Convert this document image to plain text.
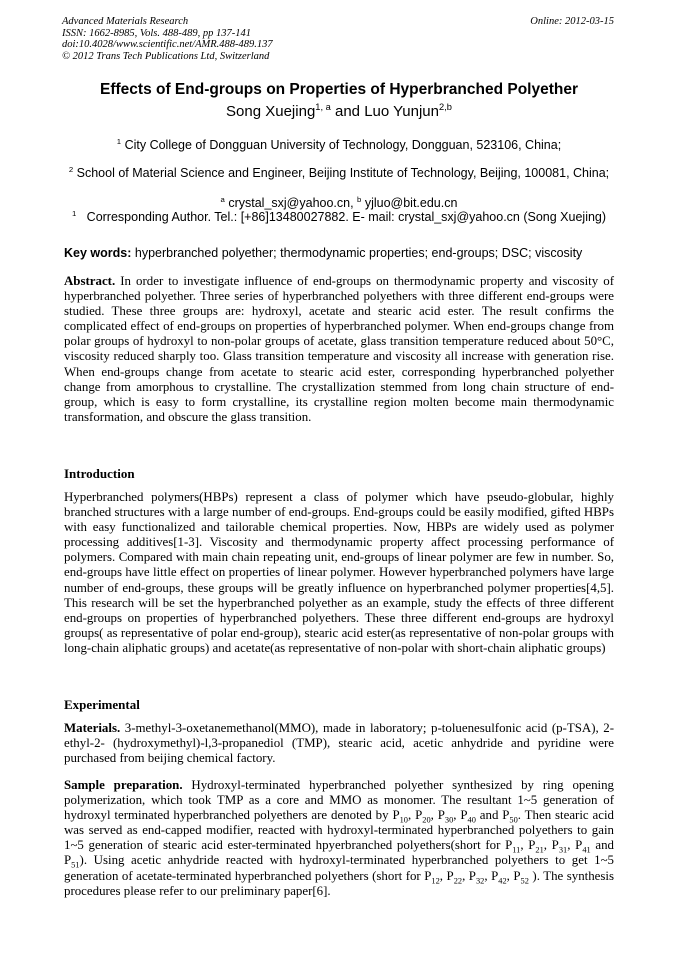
Advanced Materials Research
ISSN: 1662-8985, Vols. 488-489, pp 137-141
doi:10.4028/www.scientific.net/AMR.488-489.137
© 2012 Trans Tech Publications Ltd, Switzerland
Online: 2012-03-15
Effects of End-groups on Properties of Hyperbranched Polyether
Song Xuejing$^{1, a}$ and Luo Yunjun$^{2,b}$
$^1$ City College of Dongguan University of Technology, Dongguan, 523106, China;
$^2$ School of Material Science and Engineer, Beijing Institute of Technology, Beijing, 100081, China;
$^a$ crystal_sxj@yahoo.cn, $^b$ yjluo@bit.edu.cn
$^1$   Corresponding Author. Tel.: [+86]13480027882. E- mail: crystal_sxj@yahoo.cn (Song Xuejing)
Key words: hyperbranched polyether; thermodynamic properties; end-groups; DSC; viscosity
Abstract. In order to investigate influence of end-groups on thermodynamic property and viscosity of hyperbranched polyether. Three series of hyperbranched polyethers with three different end-groups were studied. These three groups are: hydroxyl, acetate and stearic acid ester. The result confirms the complicated effect of end-groups on properties of hyperbranched polymer. When end-groups change from polar groups of hydroxyl to non-polar groups of acetate, glass transition temperature reduced about 50°C, viscosity reduced sharply too. Glass transition temperature and viscosity all increase with generation rise. When end-groups change from acetate to stearic acid ester, corresponding hyperbranched polyether change from amorphous to crystalline. The crystallization stemmed from long chain structure of end-group, which is easy to form crystalline, its crystalline region molten become main thermodynamic transformation, and obscure the glass transition.
Introduction
Hyperbranched polymers(HBPs) represent a class of polymer which have pseudo-globular, highly branched structures with a large number of end-groups. End-groups could be easily modified, gifted HBPs with easy functionalized and tailorable chemical properties. Now, HBPs are widely used as polymer processing additives[1-3]. Viscosity and thermodynamic property affect processing performance of polymers. Compared with main chain repeating unit, end-groups of linear polymer are few in number. So, end-groups have little effect on properties of linear polymer. However hyperbranched polymers have large number of end-groups, these groups will be greatly influence on hyperbranched polymer properties[4,5]. This research will be set the hyperbranched polyether as an example, study the effects of three different end-groups on properties of hyperbranched polyethers. These three different end-groups are hydroxyl groups( as representative of polar end-group), stearic acid ester(as representative of non-polar groups with long-chain aliphatic groups) and acetate(as representative of non-polar with short-chain aliphatic groups)
Experimental
Materials. 3-methyl-3-oxetanemethanol(MMO), made in laboratory; p-toluenesulfonic acid (p-TSA), 2-ethyl-2- (hydroxymethyl)-l,3-propanediol (TMP), stearic acid, acetic anhydride and pyridine were purchased from beijing chemical factory.
Sample preparation. Hydroxyl-terminated hyperbranched polyether synthesized by ring opening polymerization, which took TMP as a core and MMO as monomer. The resultant 1~5 generation of hydroxyl terminated hyperbranched polyethers are denoted by $P_{10}$, $P_{20}$, $P_{30}$, $P_{40}$ and $P_{50}$. Then stearic acid was served as end-capped modifier, reacted with hydroxyl-terminated hyperbranched polyethers to gain 1~5 generation of stearic acid ester-terminated hpyerbranched polyethers(short for $P_{11}$, $P_{21}$, $P_{31}$, $P_{41}$ and $P_{51}$). Using acetic anhydride reacted with hydroxyl-terminated hyperbranched polyethers to get 1~5 generation of acetate-terminated hyperbranched polyethers (short for $P_{12}$, $P_{22}$, $P_{32}$, $P_{42}$, $P_{52}$ ). The synthesis procedures please refer to our preliminary paper[6].
